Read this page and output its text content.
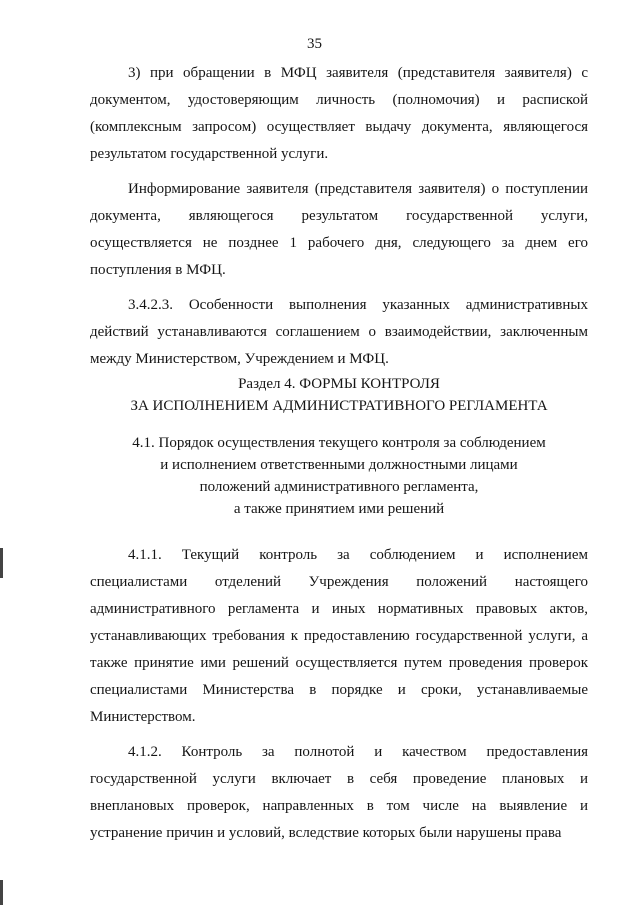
35

3) при обращении в МФЦ заявителя (представителя заявителя) с документом, удостоверяющим личность (полномочия) и распиской (комплексным запросом) осуществляет выдачу документа, являющегося результатом государственной услуги.

Информирование заявителя (представителя заявителя) о поступлении документа, являющегося результатом государственной услуги, осуществляется не позднее 1 рабочего дня, следующего за днем его поступления в МФЦ.

3.4.2.3. Особенности выполнения указанных административных действий устанавливаются соглашением о взаимодействии, заключенным между Министерством, Учреждением и МФЦ.

Раздел 4. ФОРМЫ КОНТРОЛЯ
ЗА ИСПОЛНЕНИЕМ АДМИНИСТРАТИВНОГО РЕГЛАМЕНТА
4.1. Порядок осуществления текущего контроля за соблюдением
и исполнением ответственными должностными лицами
положений административного регламента,
а также принятием ими решений

4.1.1. Текущий контроль за соблюдением и исполнением специалистами отделений Учреждения положений настоящего административного регламента и иных нормативных правовых актов, устанавливающих требования к предоставлению государственной услуги, а также принятие ими решений осуществляется путем проведения проверок специалистами Министерства в порядке и сроки, устанавливаемые Министерством.

4.1.2. Контроль за полнотой и качеством предоставления государственной услуги включает в себя проведение плановых и внеплановых проверок, направленных в том числе на выявление и устранение причин и условий, вследствие которых были нарушены права
